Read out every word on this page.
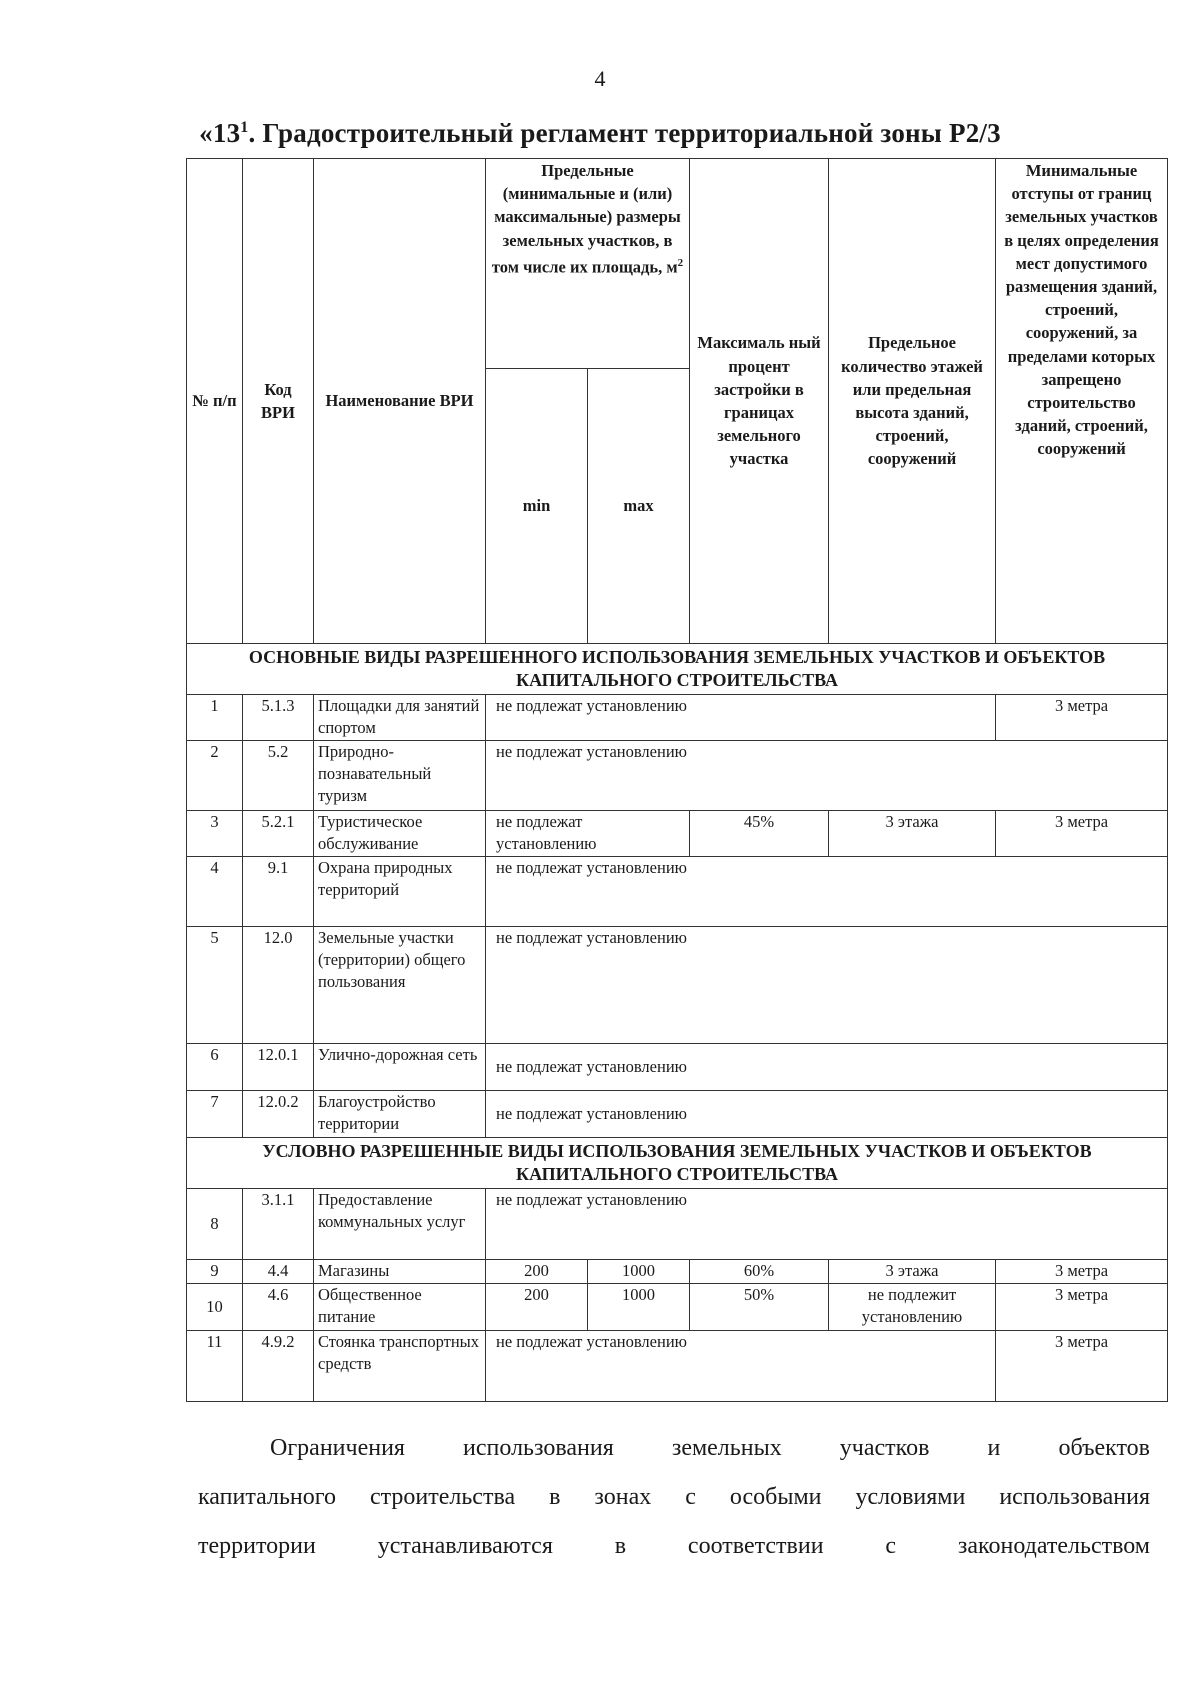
4
«$13^1$. Градостроительный регламент территориальной зоны Р2/3
№ п/п	Код ВРИ	Наименование ВРИ	Предельные (минимальные и (или) максимальные) размеры земельных участков, в том числе их площадь, $м^2$		Максималь ный процент застройки в границах земельного участка	Предельное количество этажей или предельная высота зданий, строений, сооружений	Минимальные отступы от границ земельных участков в целях определения мест допустимого размещения зданий, строений, сооружений, за пределами которых запрещено строительство зданий, строений, сооружений
			min	max			
ОСНОВНЫЕ ВИДЫ РАЗРЕШЕННОГО ИСПОЛЬЗОВАНИЯ ЗЕМЕЛЬНЫХ УЧАСТКОВ И ОБЪЕКТОВ КАПИТАЛЬНОГО СТРОИТЕЛЬСТВА							
1	5.1.3	Площадки для занятий спортом	не подлежат установлению				3 метра
2	5.2	Природно-познавательный туризм	не подлежат установлению				
3	5.2.1	Туристическое обслуживание	не подлежат установлению		45%	3 этажа	3 метра
4	9.1	Охрана природных территорий	не подлежат установлению				
5	12.0	Земельные участки (территории) общего пользования	не подлежат установлению				
6	12.0.1	Улично-дорожная сеть	не подлежат установлению				
7	12.0.2	Благоустройство территории	не подлежат установлению				
УСЛОВНО РАЗРЕШЕННЫЕ ВИДЫ ИСПОЛЬЗОВАНИЯ ЗЕМЕЛЬНЫХ УЧАСТКОВ И ОБЪЕКТОВ КАПИТАЛЬНОГО СТРОИТЕЛЬСТВА							
8	3.1.1	Предоставление коммунальных услуг	не подлежат установлению				
9	4.4	Магазины	200	1000	60%	3 этажа	3 метра
10	4.6	Общественное питание	200	1000	50%	не подлежит установлению	3 метра
11	4.9.2	Стоянка транспортных средств	не подлежат установлению				3 метра
Ограничения использования земельных участков и объектов
капитального строительства в зонах с особыми условиями использования
территории устанавливаются в соответствии с законодательством
